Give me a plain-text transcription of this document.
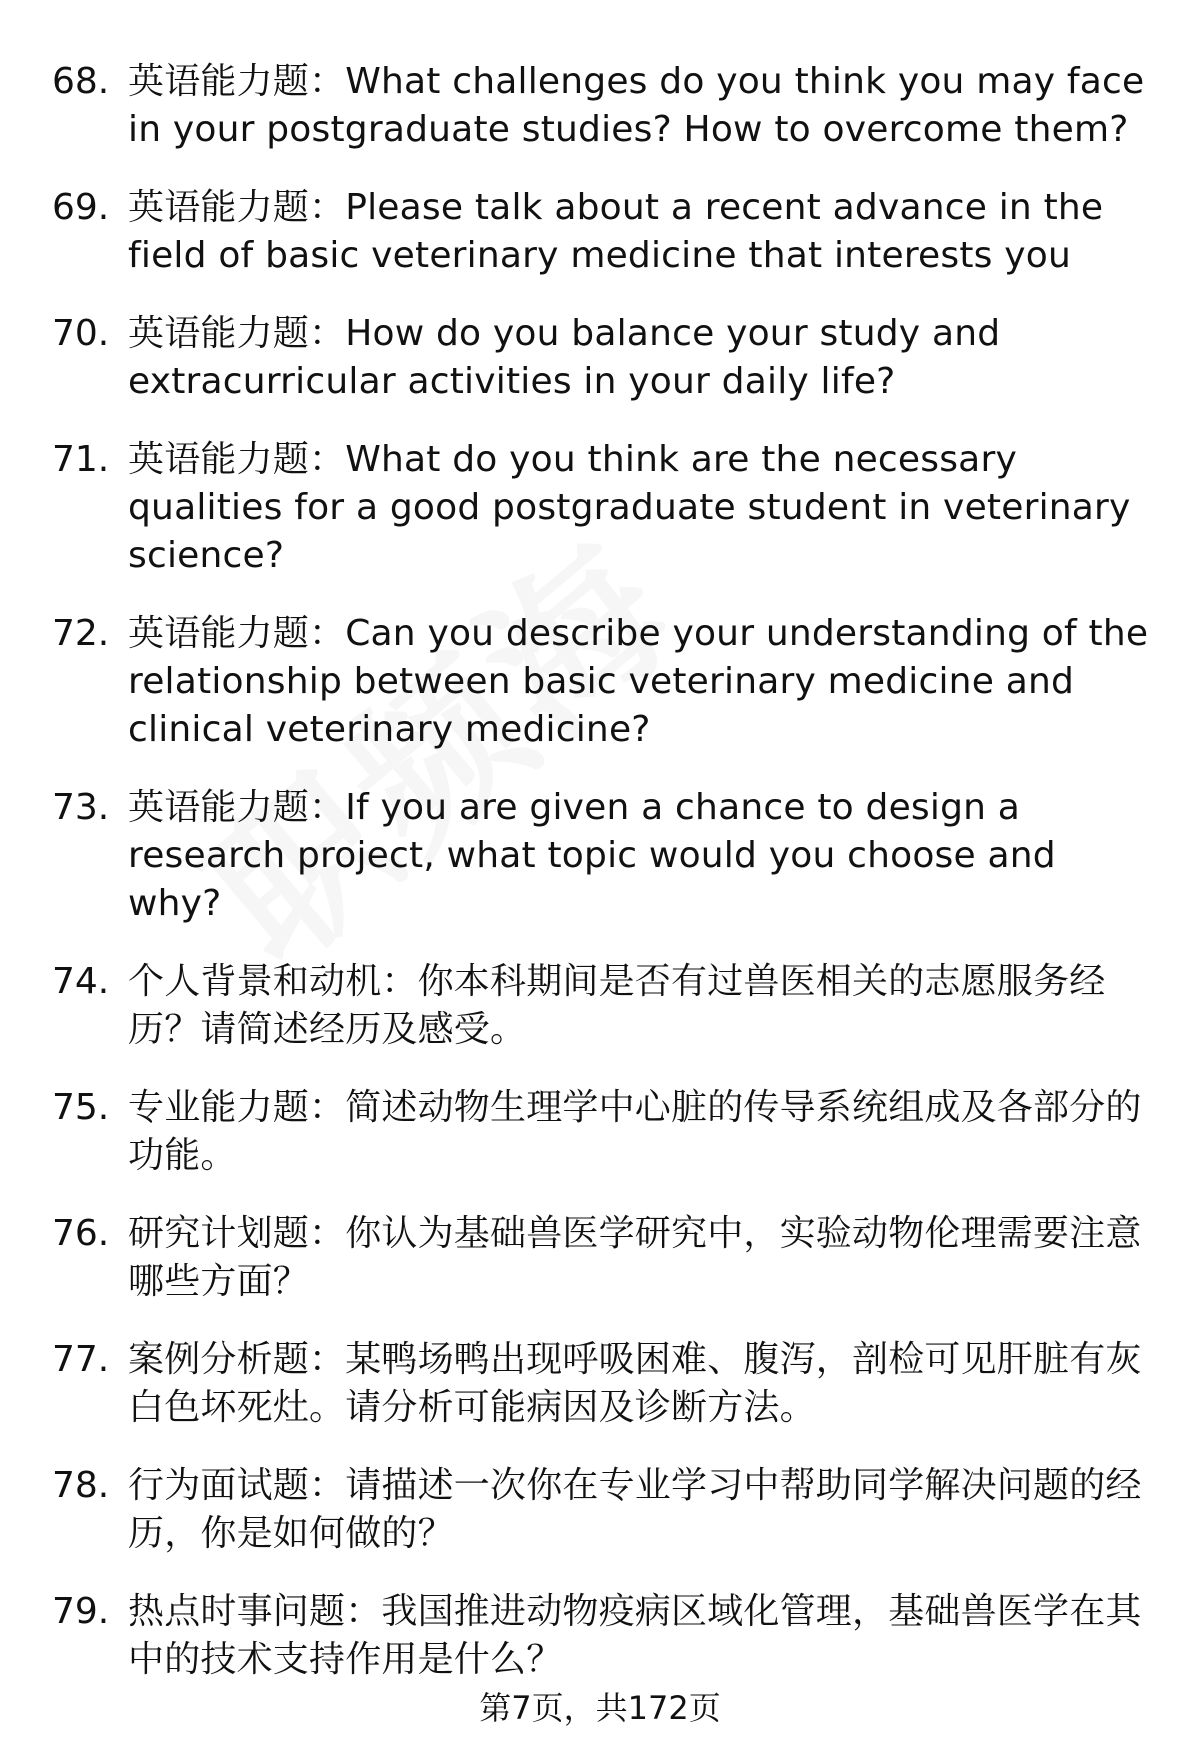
68. 英语能力题：What challenges do you think you may face in your postgraduate studies? How to overcome them?
69. 英语能力题：Please talk about a recent advance in the field of basic veterinary medicine that interests you
70. 英语能力题：How do you balance your study and extracurricular activities in your daily life?
71. 英语能力题：What do you think are the necessary qualities for a good postgraduate student in veterinary science?
72. 英语能力题：Can you describe your understanding of the relationship between basic veterinary medicine and clinical veterinary medicine?
73. 英语能力题：If you are given a chance to design a research project, what topic would you choose and why?
74. 个人背景和动机：你本科期间是否有过兽医相关的志愿服务经历？请简述经历及感受。
75. 专业能力题：简述动物生理学中心脏的传导系统组成及各部分的功能。
76. 研究计划题：你认为基础兽医学研究中，实验动物伦理需要注意哪些方面？
77. 案例分析题：某鸭场鸭出现呼吸困难、腹泻，剖检可见肝脏有灰白色坏死灶。请分析可能病因及诊断方法。
78. 行为面试题：请描述一次你在专业学习中帮助同学解决问题的经历，你是如何做的？
79. 热点时事问题：我国推进动物疫病区域化管理，基础兽医学在其中的技术支持作用是什么？
第7页，共172页
